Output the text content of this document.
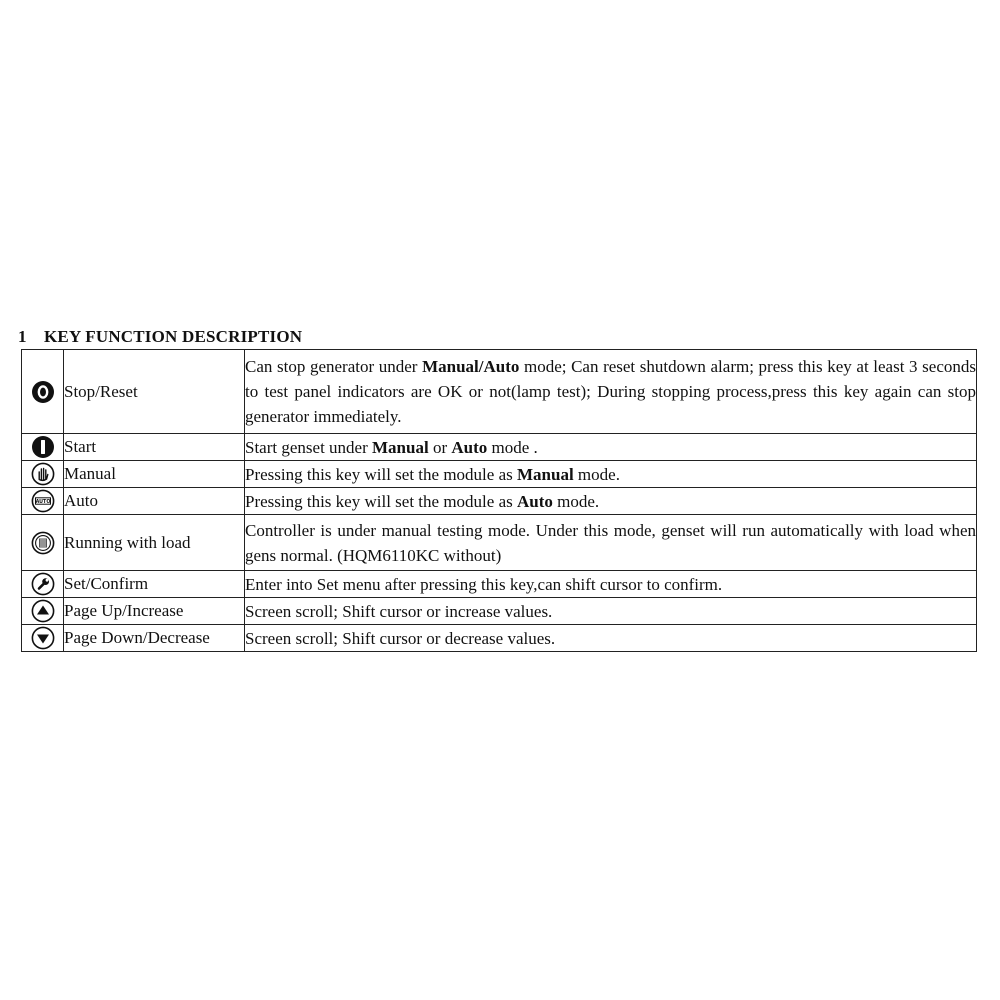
1 KEY FUNCTION DESCRIPTION
	Stop/Reset	Can stop generator under Manual/Auto mode; Can reset shutdown alarm; press this key at least 3 seconds to test panel indicators are OK or not(lamp test); During stopping process,press this key again can stop generator immediately.

	Start	Start genset under Manual or Auto mode .

	Manual	Pressing this key will set the module as Manual mode.

AUTO	Auto	Pressing this key will set the module as Auto mode.

	Running with load	Controller is under manual testing mode. Under this mode, genset will run automatically with load when gens normal. (HQM6110KC without)

	Set/Confirm	Enter into Set menu after pressing this key,can shift cursor to confirm.

	Page Up/Increase	Screen scroll; Shift cursor or increase values.

	Page Down/Decrease	Screen scroll; Shift cursor or decrease values.
